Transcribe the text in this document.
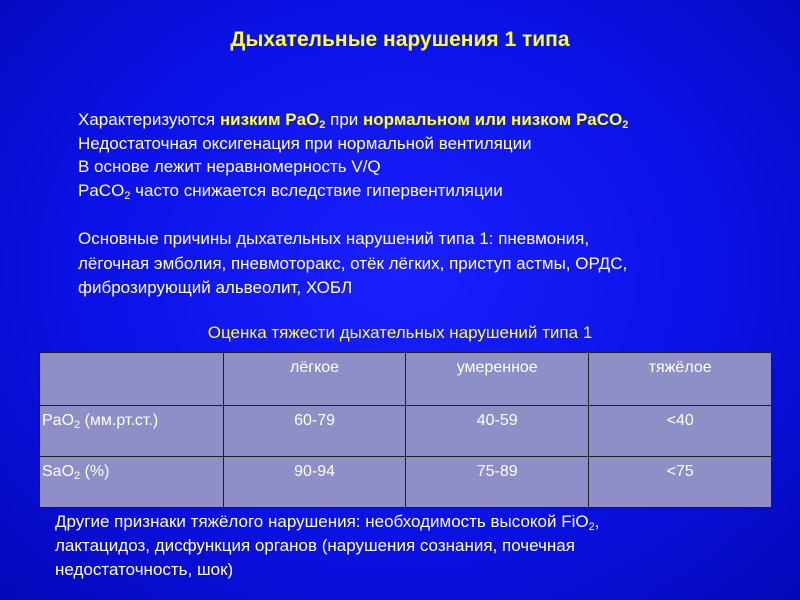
Дыхательные нарушения 1 типа
Характеризуются низким PaO$_2$ при нормальном или низком PaCO$_2$
Недостаточная оксигенация при нормальной вентиляции
В основе лежит неравномерность V/Q
PaCO$_2$ часто снижается вследствие гипервентиляции
Основные причины дыхательных нарушений типа 1: пневмония,
лёгочная эмболия, пневмоторакс, отёк лёгких, приступ астмы, ОРДС,
фиброзирующий альвеолит, ХОБЛ
Оценка тяжести дыхательных нарушений типа 1
	лёгкое	умеренное	тяжёлое
PaO$_2$ (мм.рт.ст.)	60-79	40-59	<40
SaO$_2$ (%)	90-94	75-89	<75
Другие признаки тяжёлого нарушения: необходимость высокой FiO$_2$,
лактацидоз, дисфункция органов (нарушения сознания, почечная
недостаточность, шок)
